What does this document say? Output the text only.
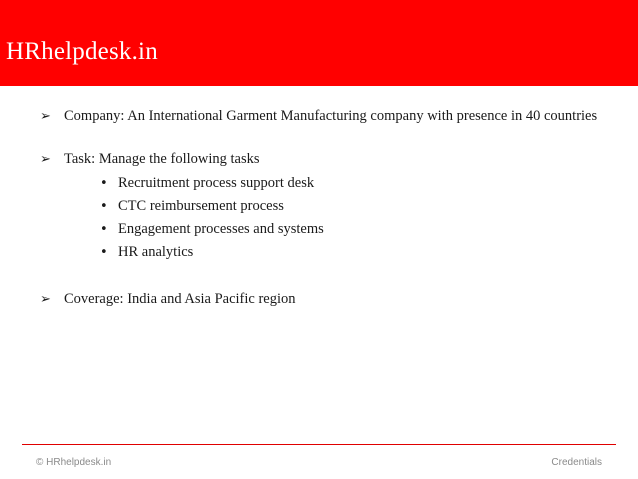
HRhelpdesk.in
➢ Company: An International Garment Manufacturing company with presence in 40 countries
➢ Task: Manage the following tasks
• Recruitment process support desk
• CTC reimbursement process
• Engagement processes and systems
• HR analytics
➢ Coverage: India and Asia Pacific region
© HRhelpdesk.in	Credentials
